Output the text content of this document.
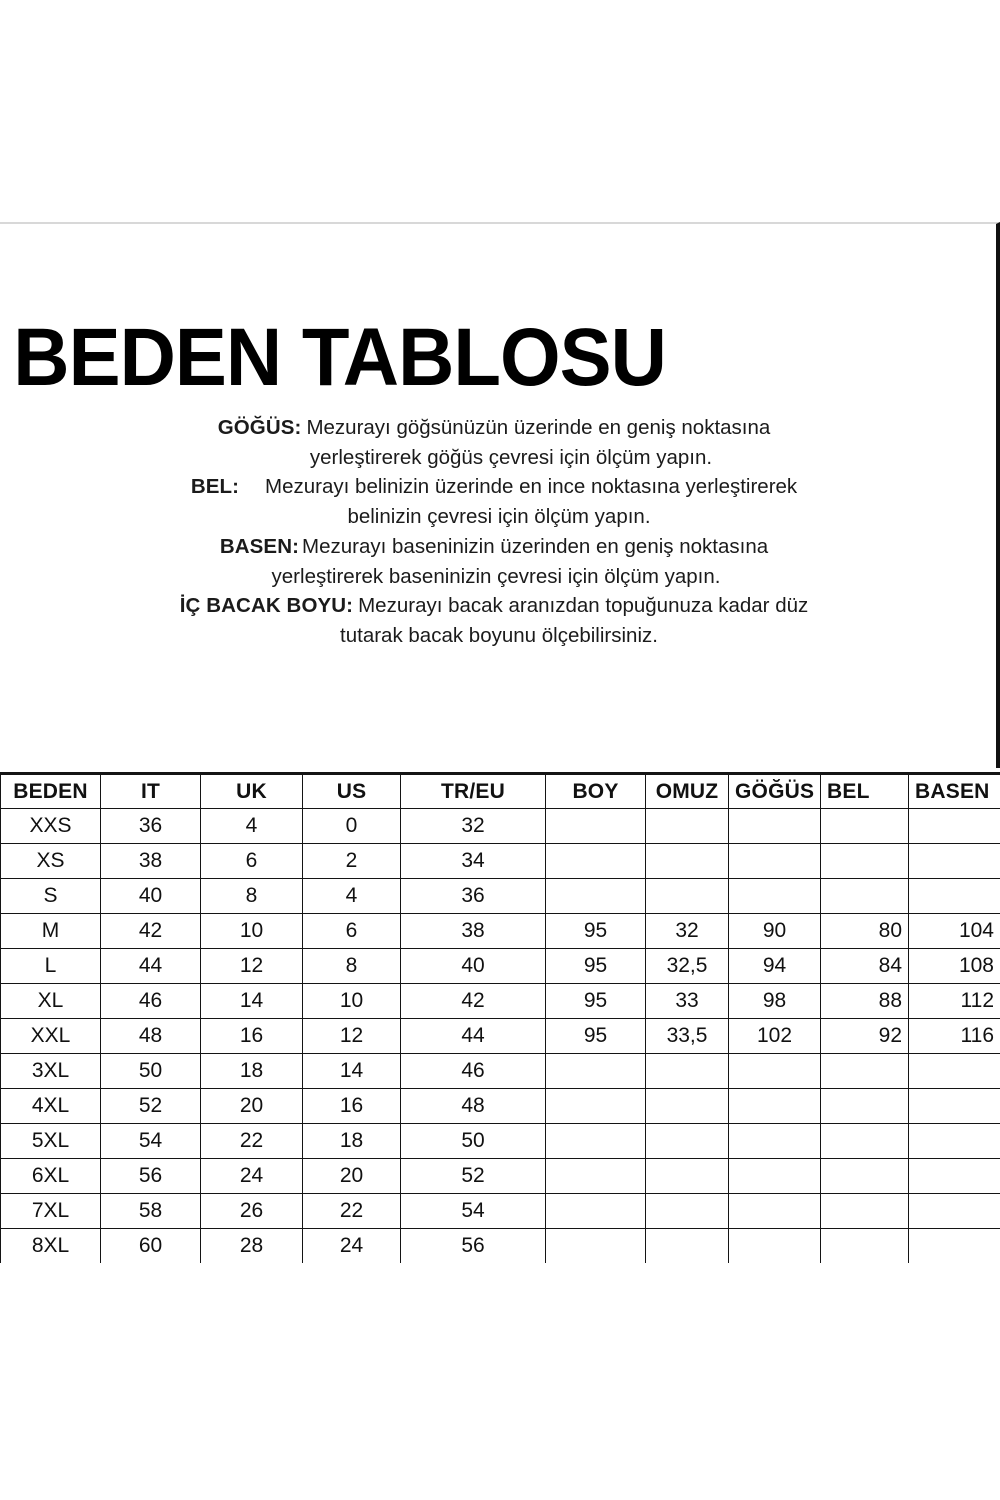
BEDEN TABLOSU
GÖĞÜS: Mezurayı göğsünüzün üzerinde en geniş noktasına
yerleştirerek göğüs çevresi için ölçüm yapın.
BEL: Mezurayı belinizin üzerinde en ince noktasına yerleştirerek
belinizin çevresi için ölçüm yapın.
BASEN: Mezurayı baseninizin üzerinden en geniş noktasına
yerleştirerek baseninizin çevresi için ölçüm yapın.
İÇ BACAK BOYU: Mezurayı bacak aranızdan topuğunuza kadar düz
tutarak bacak boyunu ölçebilirsiniz.
BEDEN	IT	UK	US	TR/EU	BOY	OMUZ	GÖĞÜS	BEL	BASEN
XXS	36	4	0	32					
XS	38	6	2	34					
S	40	8	4	36					
M	42	10	6	38	95	32	90	80	104
L	44	12	8	40	95	32,5	94	84	108
XL	46	14	10	42	95	33	98	88	112
XXL	48	16	12	44	95	33,5	102	92	116
3XL	50	18	14	46					
4XL	52	20	16	48					
5XL	54	22	18	50					
6XL	56	24	20	52					
7XL	58	26	22	54					
8XL	60	28	24	56					
